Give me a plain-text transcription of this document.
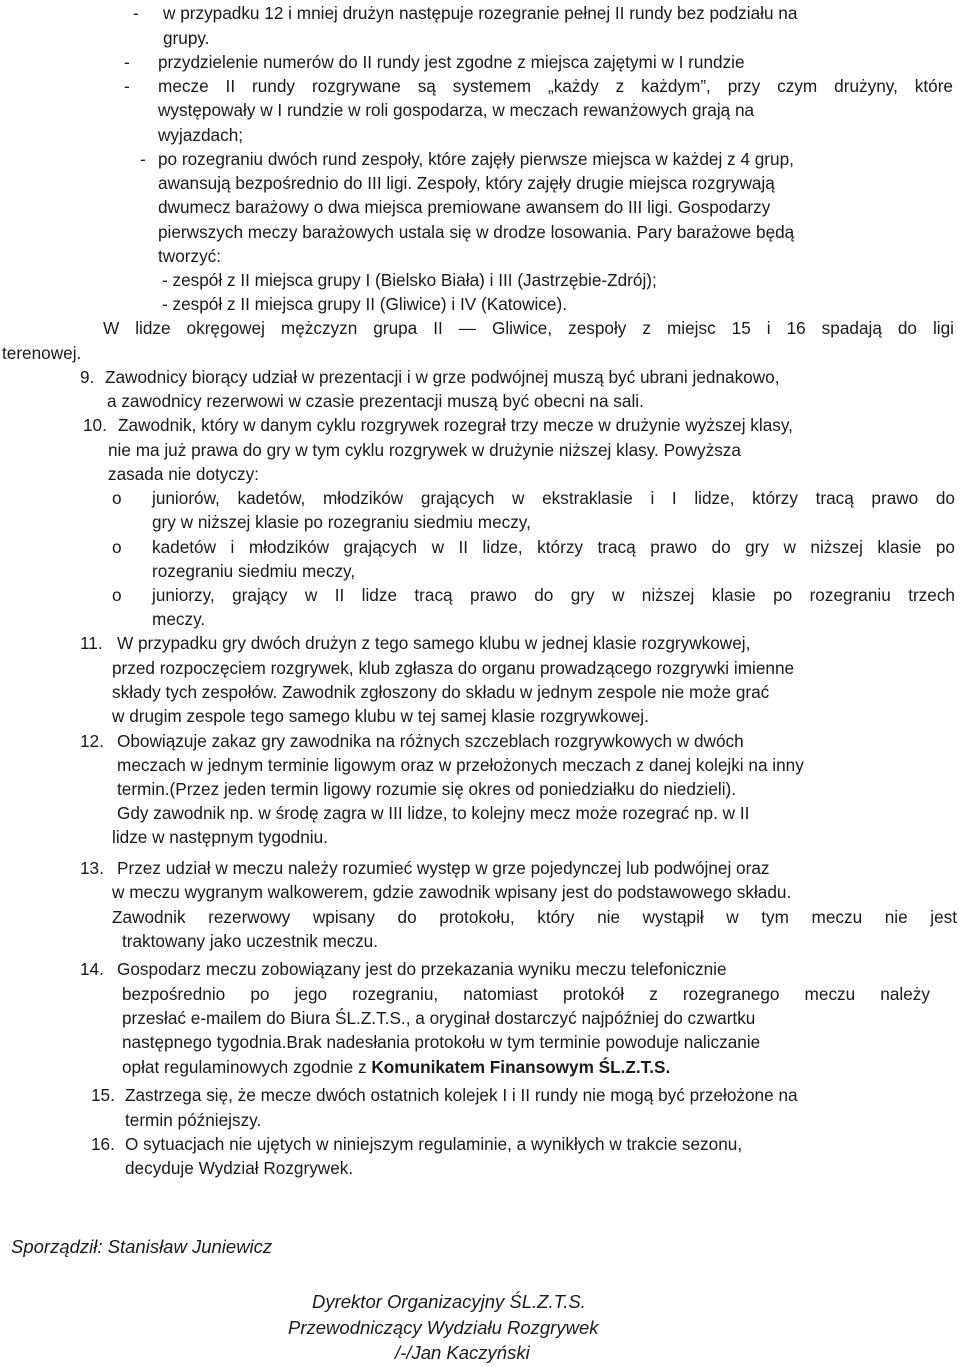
- w przypadku 12 i mniej drużyn następuje rozegranie pełnej II rundy bez podziału na
grupy.
- przydzielenie numerów do II rundy jest zgodne z miejsca zajętymi w I rundzie
- mecze II rundy rozgrywane są systemem „każdy z każdym”, przy czym drużyny, które
występowały w I rundzie w roli gospodarza, w meczach rewanżowych grają na
wyjazdach;
- po rozegraniu dwóch rund zespoły, które zajęły pierwsze miejsca w każdej z 4 grup,
awansują bezpośrednio do III ligi. Zespoły, który zajęły drugie miejsca rozgrywają
dwumecz barażowy o dwa miejsca premiowane awansem do III ligi. Gospodarzy
pierwszych meczy barażowych ustala się w drodze losowania. Pary barażowe będą
tworzyć:
- zespół z II miejsca grupy I (Bielsko Biała) i III (Jastrzębie-Zdrój);
- zespół z II miejsca grupy II (Gliwice) i IV (Katowice).
W lidze okręgowej mężczyzn grupa II — Gliwice, zespoły z miejsc 15 i 16 spadają do ligi
terenowej.
9. Zawodnicy biorący udział w prezentacji i w grze podwójnej muszą być ubrani jednakowo,
a zawodnicy rezerwowi w czasie prezentacji muszą być obecni na sali.
10. Zawodnik, który w danym cyklu rozgrywek rozegrał trzy mecze w drużynie wyższej klasy,
nie ma już prawa do gry w tym cyklu rozgrywek w drużynie niższej klasy. Powyższa
zasada nie dotyczy:
o juniorów, kadetów, młodzików grających w ekstraklasie i I lidze, którzy tracą prawo do
gry w niższej klasie po rozegraniu siedmiu meczy,
o kadetów i młodzików grających w II lidze, którzy tracą prawo do gry w niższej klasie po
rozegraniu siedmiu meczy,
o juniorzy, grający w II lidze tracą prawo do gry w niższej klasie po rozegraniu trzech
meczy.
11. W przypadku gry dwóch drużyn z tego samego klubu w jednej klasie rozgrywkowej,
przed rozpoczęciem rozgrywek, klub zgłasza do organu prowadzącego rozgrywki imienne
składy tych zespołów. Zawodnik zgłoszony do składu w jednym zespole nie może grać
w drugim zespole tego samego klubu w tej samej klasie rozgrywkowej.
12. Obowiązuje zakaz gry zawodnika na różnych szczeblach rozgrywkowych w dwóch
meczach w jednym terminie ligowym oraz w przełożonych meczach z danej kolejki na inny
termin.(Przez jeden termin ligowy rozumie się okres od poniedziałku do niedzieli).
Gdy zawodnik np. w środę zagra w III lidze, to kolejny mecz może rozegrać np. w II
lidze w następnym tygodniu.
13. Przez udział w meczu należy rozumieć występ w grze pojedynczej lub podwójnej oraz
w meczu wygranym walkowerem, gdzie zawodnik wpisany jest do podstawowego składu.
Zawodnik rezerwowy wpisany do protokołu, który nie wystąpił w tym meczu nie jest
traktowany jako uczestnik meczu.
14. Gospodarz meczu zobowiązany jest do przekazania wyniku meczu telefonicznie
bezpośrednio po jego rozegraniu, natomiast protokół z rozegranego meczu należy
przesłać e-mailem do Biura ŚL.Z.T.S., a oryginał dostarczyć najpóźniej do czwartku
następnego tygodnia.Brak nadesłania protokołu w tym terminie powoduje naliczanie
opłat regulaminowych zgodnie z Komunikatem Finansowym ŚL.Z.T.S.
15. Zastrzega się, że mecze dwóch ostatnich kolejek I i II rundy nie mogą być przełożone na
termin późniejszy.
16. O sytuacjach nie ujętych w niniejszym regulaminie, a wynikłych w trakcie sezonu,
decyduje Wydział Rozgrywek.
Sporządził: Stanisław Juniewicz
Dyrektor Organizacyjny ŚL.Z.T.S.
Przewodniczący Wydziału Rozgrywek
/-/Jan Kaczyński
